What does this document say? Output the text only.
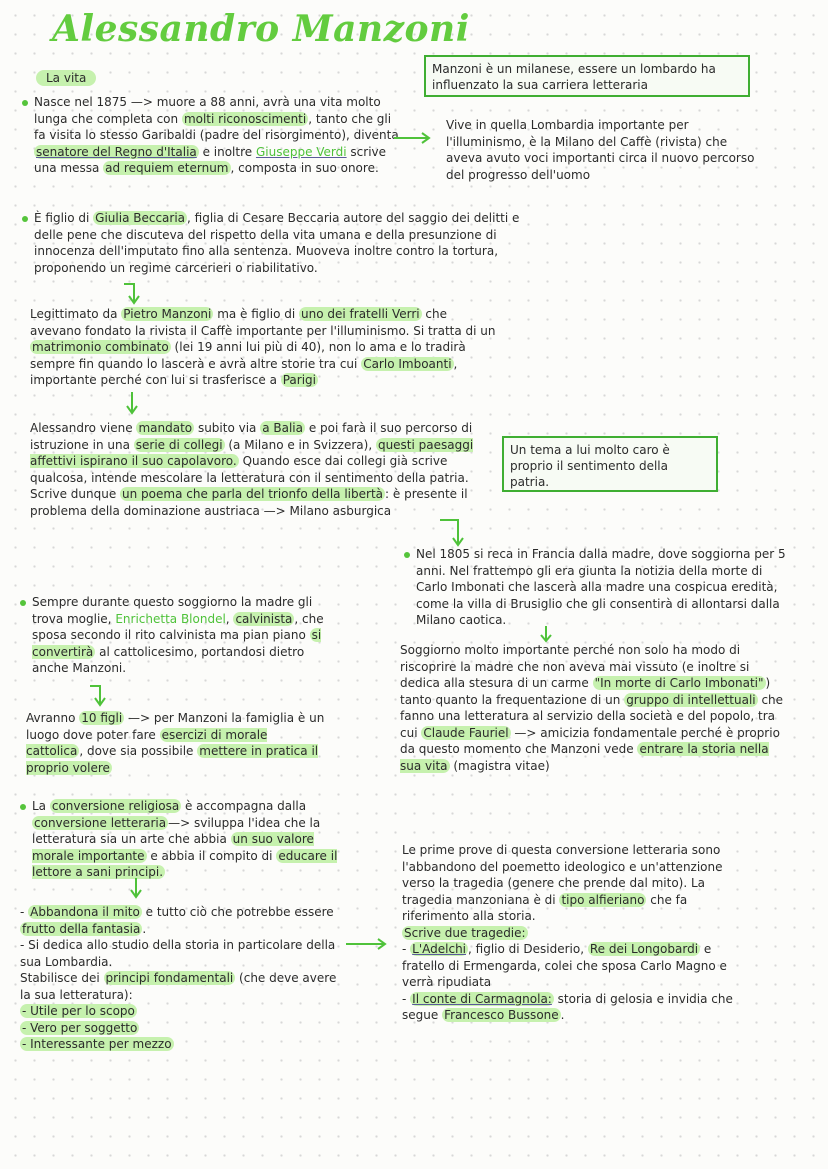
Alessandro Manzoni
La vita
Manzoni è un milanese, essere un lombardo ha influenzato la sua carriera letteraria
Nasce nel 1875 —> muore a 88 anni, avrà una vita molto lunga che completa con molti riconoscimenti , tanto che gli fa visita lo stesso Garibaldi (padre del risorgimento), diventa senatore del Regno d'Italia e inoltre Giuseppe Verdi scrive una messa ad requiem eternum , composta in suo onore.
Vive in quella Lombardia importante per l'illuminismo, è la Milano del Caffè (rivista) che aveva avuto voci importanti circa il nuovo percorso del progresso dell'uomo
È figlio di Giulia Beccaria , figlia di Cesare Beccaria autore del saggio dei delitti e delle pene che discuteva del rispetto della vita umana e della presunzione di innocenza dell'imputato fino alla sentenza. Muoveva inoltre contro la tortura, proponendo un regime carcerieri o riabilitativo.
Legittimato da Pietro Manzoni ma è figlio di uno dei fratelli Verri che avevano fondato la rivista il Caffè importante per l'illuminismo. Si tratta di un matrimonio combinato (lei 19 anni lui più di 40), non lo ama e lo tradirà sempre fin quando lo lascerà e avrà altre storie tra cui Carlo Imboanti , importante perché con lui si trasferisce a Parigi
Alessandro viene mandato subito via a Balia e poi farà il suo percorso di istruzione in una serie di collegi (a Milano e in Svizzera), questi paesaggi affettivi ispirano il suo capolavoro. Quando esce dai collegi già scrive qualcosa, intende mescolare la letteratura con il sentimento della patria. Scrive dunque un poema che parla del trionfo della libertà : è presente il problema della dominazione austriaca —> Milano asburgica
Un tema a lui molto caro è proprio il sentimento della patria.
Nel 1805 si reca in Francia dalla madre, dove soggiorna per 5 anni. Nel frattempo gli era giunta la notizia della morte di Carlo Imbonati che lascerà alla madre una cospicua eredità, come la villa di Brusiglio che gli consentirà di allontarsi dalla Milano caotica.
Soggiorno molto importante perché non solo ha modo di riscoprire la madre che non aveva mai vissuto (e inoltre si dedica alla stesura di un carme "In morte di Carlo Imbonati" ) tanto quanto la frequentazione di un gruppo di intellettuali che fanno una letteratura al servizio della società e del popolo, tra cui Claude Fauriel —> amicizia fondamentale perché è proprio da questo momento che Manzoni vede entrare la storia nella sua vita (magistra vitae)
Sempre durante questo soggiorno la madre gli trova moglie, Enrichetta Blondel, calvinista , che sposa secondo il rito calvinista ma pian piano si convertirà al cattolicesimo, portandosi dietro anche Manzoni.
Avranno 10 figli —> per Manzoni la famiglia è un luogo dove poter fare esercizi di morale cattolica , dove sia possibile mettere in pratica il proprio volere
La conversione religiosa è accompagna dalla conversione letteraria —> sviluppa l'idea che la letteratura sia un arte che abbia un suo valore morale importante e abbia il compito di educare il lettore a sani principi.

- Abbandona il mito e tutto ciò che potrebbe essere frutto della fantasia .

- Si dedica allo studio della storia in particolare della sua Lombardia.

Stabilisce dei principi fondamentali (che deve avere la sua letteratura):

- Utile per lo scopo

- Vero per soggetto

- Interessante per mezzo

Le prime prove di questa conversione letteraria sono l'abbandono del poemetto ideologico e un'attenzione verso la tragedia (genere che prende dal mito). La tragedia manzoniana è di tipo alfieriano che fa riferimento alla storia.

Scrive due tragedie:

- L'Adelchi , figlio di Desiderio, Re dei Longobardi e fratello di Ermengarda, colei che sposa Carlo Magno e verrà ripudiata

- Il conte di Carmagnola: storia di gelosia e invidia che segue Francesco Bussone .
